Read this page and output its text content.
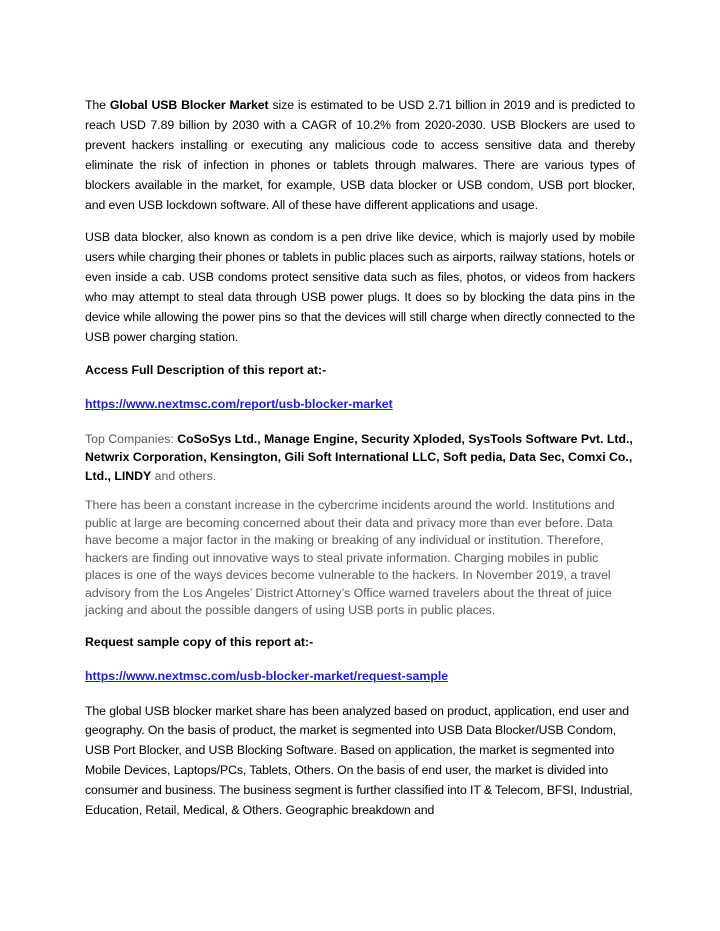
The Global USB Blocker Market size is estimated to be USD 2.71 billion in 2019 and is predicted to reach USD 7.89 billion by 2030 with a CAGR of 10.2% from 2020-2030. USB Blockers are used to prevent hackers installing or executing any malicious code to access sensitive data and thereby eliminate the risk of infection in phones or tablets through malwares. There are various types of blockers available in the market, for example, USB data blocker or USB condom, USB port blocker, and even USB lockdown software. All of these have different applications and usage.

USB data blocker, also known as condom is a pen drive like device, which is majorly used by mobile users while charging their phones or tablets in public places such as airports, railway stations, hotels or even inside a cab. USB condoms protect sensitive data such as files, photos, or videos from hackers who may attempt to steal data through USB power plugs. It does so by blocking the data pins in the device while allowing the power pins so that the devices will still charge when directly connected to the USB power charging station.

Access Full Description of this report at:-

https://www.nextmsc.com/report/usb-blocker-market

Top Companies: CoSoSys Ltd., Manage Engine, Security Xploded, SysTools Software Pvt. Ltd., Netwrix Corporation, Kensington, Gili Soft International LLC, Soft pedia, Data Sec, Comxi Co., Ltd., LINDY and others.

There has been a constant increase in the cybercrime incidents around the world. Institutions and public at large are becoming concerned about their data and privacy more than ever before. Data have become a major factor in the making or breaking of any individual or institution. Therefore, hackers are finding out innovative ways to steal private information. Charging mobiles in public places is one of the ways devices become vulnerable to the hackers. In November 2019, a travel advisory from the Los Angeles’ District Attorney’s Office warned travelers about the threat of juice jacking and about the possible dangers of using USB ports in public places.

Request sample copy of this report at:-

https://www.nextmsc.com/usb-blocker-market/request-sample

The global USB blocker market share has been analyzed based on product, application, end user and geography. On the basis of product, the market is segmented into USB Data Blocker/USB Condom, USB Port Blocker, and USB Blocking Software. Based on application, the market is segmented into Mobile Devices, Laptops/PCs, Tablets, Others. On the basis of end user, the market is divided into consumer and business. The business segment is further classified into IT & Telecom, BFSI, Industrial, Education, Retail, Medical, & Others. Geographic breakdown and
